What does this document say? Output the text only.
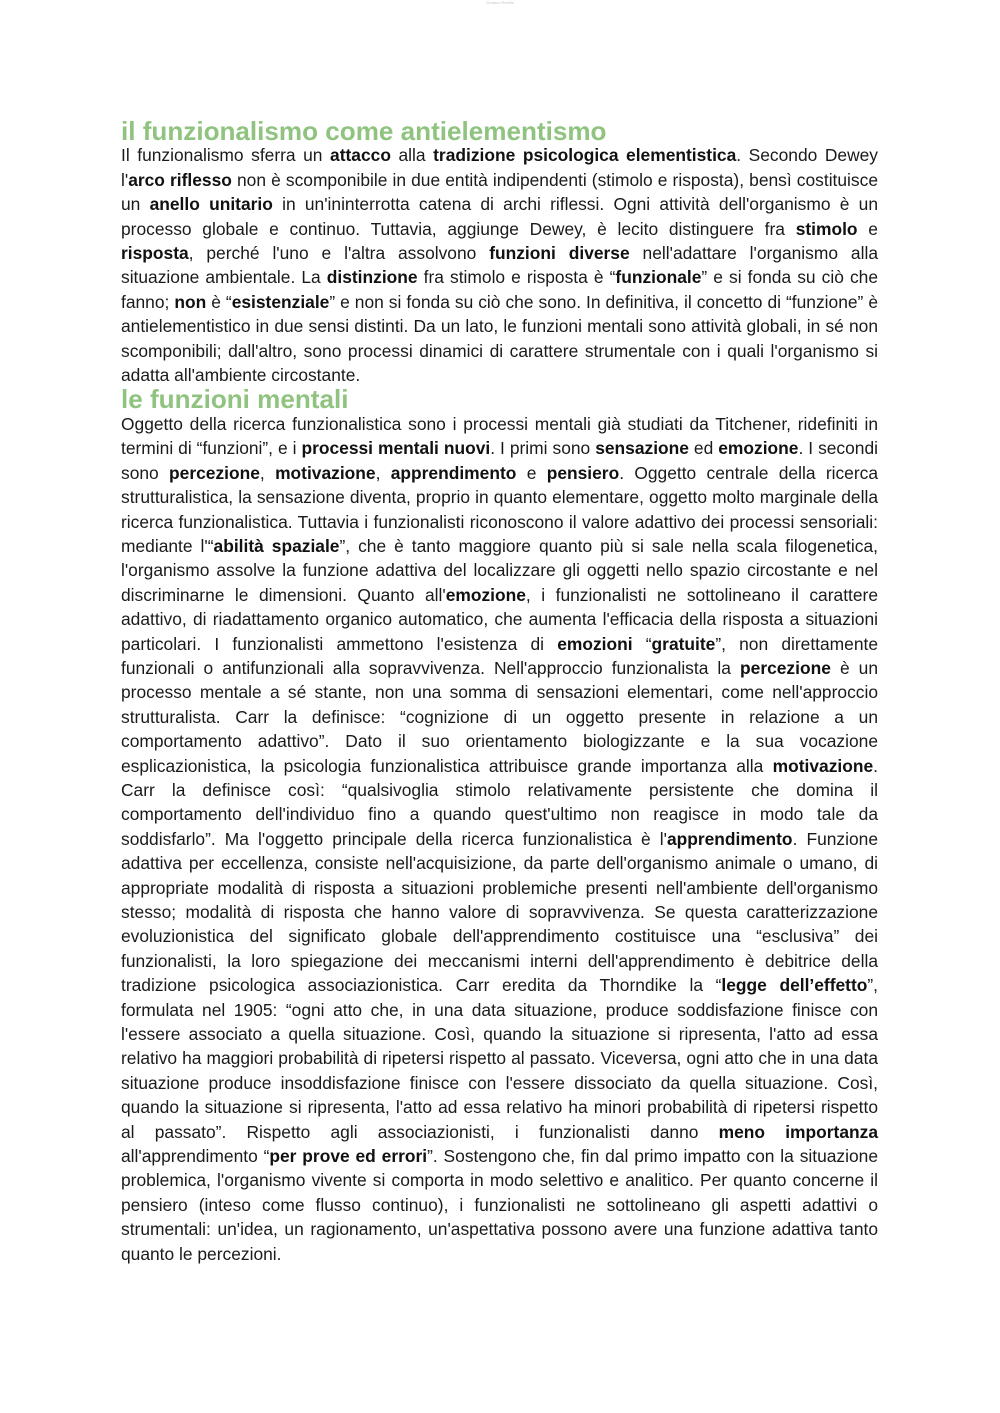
Sindaco Ricette
il funzionalismo come antielementismo

Il funzionalismo sferra un attacco alla tradizione psicologica elementistica. Secondo Dewey l'arco riflesso non è scomponibile in due entità indipendenti (stimolo e risposta), bensì costituisce un anello unitario in un'ininterrotta catena di archi riflessi. Ogni attività dell'organismo è un processo globale e continuo. Tuttavia, aggiunge Dewey, è lecito distinguere fra stimolo e risposta, perché l'uno e l'altra assolvono funzioni diverse nell'adattare l'organismo alla situazione ambientale. La distinzione fra stimolo e risposta è “funzionale” e si fonda su ciò che fanno; non è “esistenziale” e non si fonda su ciò che sono. In definitiva, il concetto di “funzione” è antielementistico in due sensi distinti. Da un lato, le funzioni mentali sono attività globali, in sé non scomponibili; dall'altro, sono processi dinamici di carattere strumentale con i quali l'organismo si adatta all'ambiente circostante.

le funzioni mentali

Oggetto della ricerca funzionalistica sono i processi mentali già studiati da Titchener, ridefiniti in termini di “funzioni”, e i processi mentali nuovi. I primi sono sensazione ed emozione. I secondi sono percezione, motivazione, apprendimento e pensiero. Oggetto centrale della ricerca strutturalistica, la sensazione diventa, proprio in quanto elementare, oggetto molto marginale della ricerca funzionalistica. Tuttavia i funzionalisti riconoscono il valore adattivo dei processi sensoriali: mediante l'“abilità spaziale”, che è tanto maggiore quanto più si sale nella scala filogenetica, l'organismo assolve la funzione adattiva del localizzare gli oggetti nello spazio circostante e nel discriminarne le dimensioni. Quanto all'emozione, i funzionalisti ne sottolineano il carattere adattivo, di riadattamento organico automatico, che aumenta l'efficacia della risposta a situazioni particolari. I funzionalisti ammettono l'esistenza di emozioni “gratuite”, non direttamente funzionali o antifunzionali alla sopravvivenza. Nell'approccio funzionalista la percezione è un processo mentale a sé stante, non una somma di sensazioni elementari, come nell'approccio strutturalista. Carr la definisce: “cognizione di un oggetto presente in relazione a un comportamento adattivo”. Dato il suo orientamento biologizzante e la sua vocazione esplicazionistica, la psicologia funzionalistica attribuisce grande importanza alla motivazione. Carr la definisce così: “qualsivoglia stimolo relativamente persistente che domina il comportamento dell'individuo fino a quando quest'ultimo non reagisce in modo tale da soddisfarlo”. Ma l'oggetto principale della ricerca funzionalistica è l'apprendimento. Funzione adattiva per eccellenza, consiste nell'acquisizione, da parte dell'organismo animale o umano, di appropriate modalità di risposta a situazioni problemiche presenti nell'ambiente dell'organismo stesso; modalità di risposta che hanno valore di sopravvivenza. Se questa caratterizzazione evoluzionistica del significato globale dell'apprendimento costituisce una “esclusiva” dei funzionalisti, la loro spiegazione dei meccanismi interni dell'apprendimento è debitrice della tradizione psicologica associazionistica. Carr eredita da Thorndike la “legge dell’effetto”, formulata nel 1905: “ogni atto che, in una data situazione, produce soddisfazione finisce con l'essere associato a quella situazione. Così, quando la situazione si ripresenta, l'atto ad essa relativo ha maggiori probabilità di ripetersi rispetto al passato. Viceversa, ogni atto che in una data situazione produce insoddisfazione finisce con l'essere dissociato da quella situazione. Così, quando la situazione si ripresenta, l'atto ad essa relativo ha minori probabilità di ripetersi rispetto al passato”. Rispetto agli associazionisti, i funzionalisti danno meno importanza all'apprendimento “per prove ed errori”. Sostengono che, fin dal primo impatto con la situazione problemica, l'organismo vivente si comporta in modo selettivo e analitico. Per quanto concerne il pensiero (inteso come flusso continuo), i funzionalisti ne sottolineano gli aspetti adattivi o strumentali: un'idea, un ragionamento, un'aspettativa possono avere una funzione adattiva tanto quanto le percezioni.
